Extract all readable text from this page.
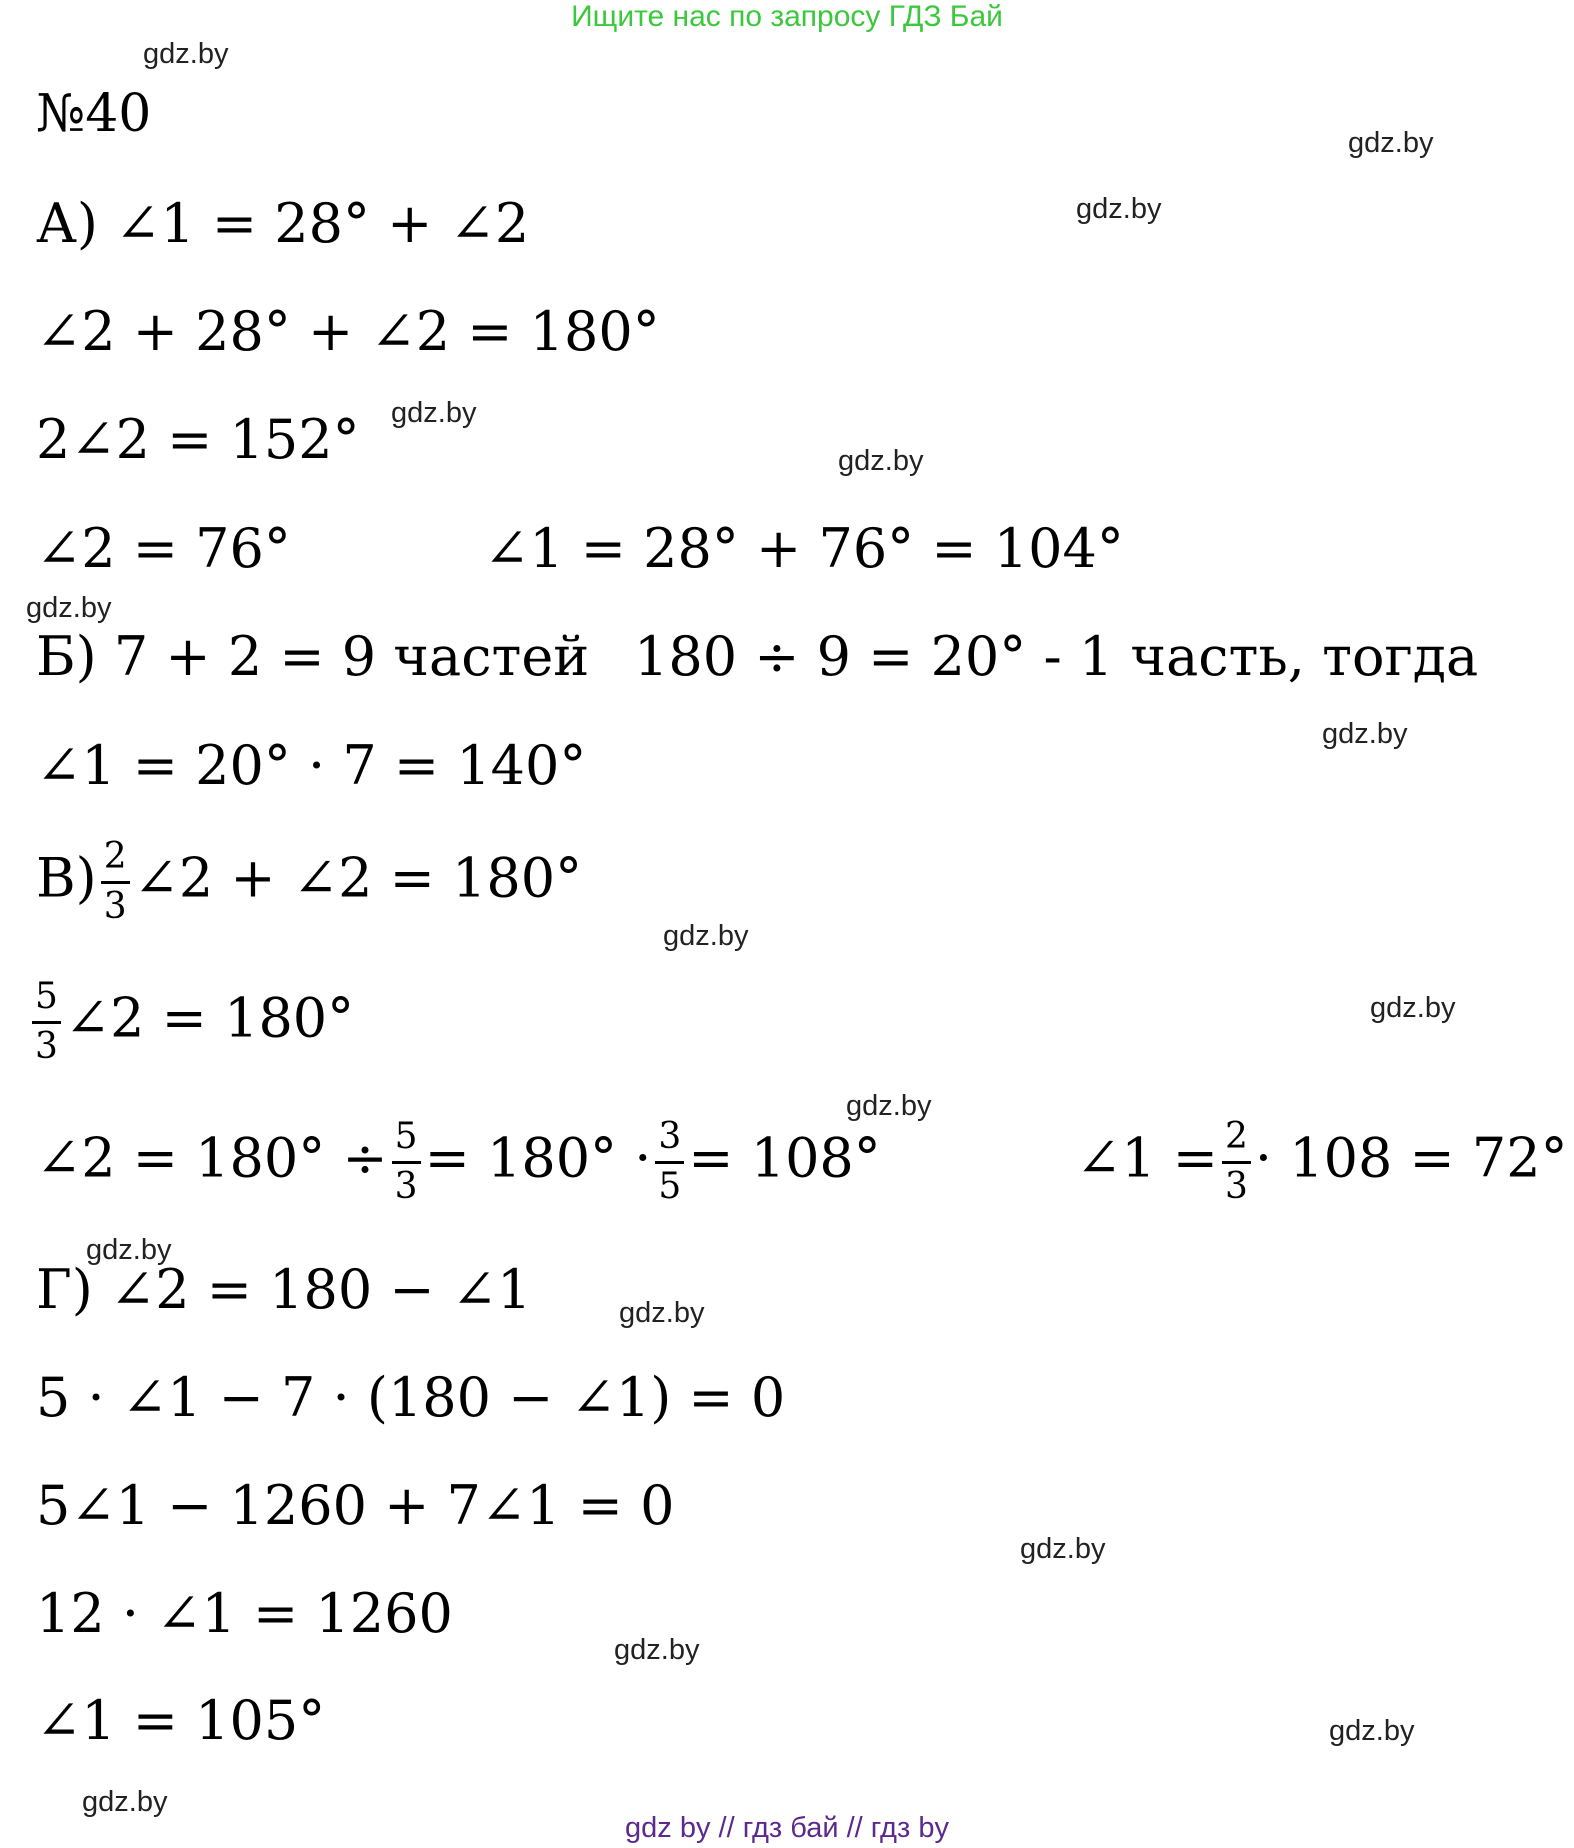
Ищите нас по запросу ГДЗ Бай
gdz.by
gdz.by
gdz.by
gdz.by
gdz.by
gdz.by
gdz.by
gdz.by
gdz.by
gdz.by
gdz.by
gdz.by
gdz.by
gdz.by
gdz.by
gdz.by
№40
А) ∠1 = 28° + ∠2
∠2 + 28° + ∠2 = 180°
2∠2 = 152°
∠2 = 76°	∠1 = 28° + 76° = 104°
Б) 7 + 2 = 9 частей 180 ÷ 9 = 20° - 1 часть, тогда
∠1 = 20° · 7 = 140°
$В) \frac{2}{3}$ ∠2 + ∠2 = 180°
$\frac{5}{3}$ ∠2 = 180°
∠2 = $180^\circ \div \frac{5}{3} = 180^\circ \cdot \frac{3}{5} = 108^\circ$	∠1 = $\frac{2}{3} \cdot 108 = 72^\circ$
Г) ∠2 = 180 − ∠1
5 · ∠1 − 7 · (180 − ∠1) = 0
5∠1 − 1260 + 7∠1 = 0
12 · ∠1 = 1260
∠1 = 105°
gdz by // гдз бай // гдз by
